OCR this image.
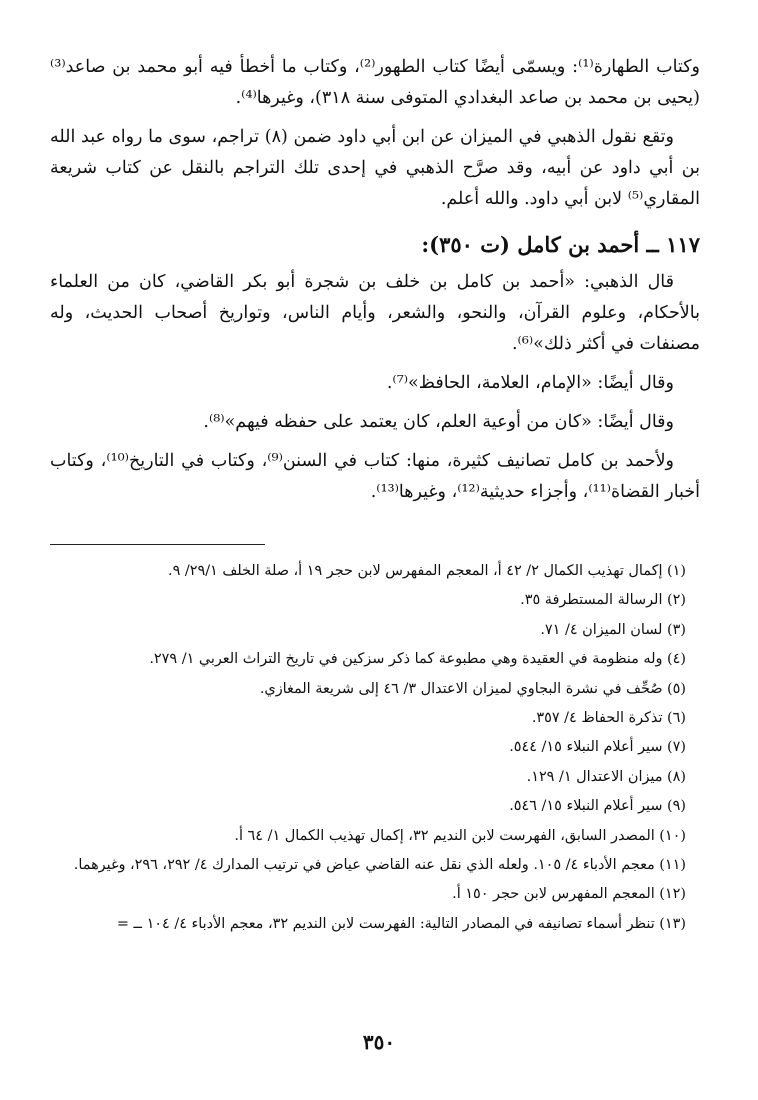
وكتاب الطهارة⁽¹⁾: ويسمّى أيضًا كتاب الطهور⁽²⁾، وكتاب ما أخطأ فيه أبو محمد بن صاعد⁽³⁾ (يحيى بن محمد بن صاعد البغدادي المتوفى سنة ٣١٨)، وغيرها⁽⁴⁾.

وتقع نقول الذهبي في الميزان عن ابن أبي داود ضمن (٨) تراجم، سوى ما رواه عبد الله بن أبي داود عن أبيه، وقد صرَّح الذهبي في إحدى تلك التراجم بالنقل عن كتاب شريعة المقاري⁽⁵⁾ لابن أبي داود. والله أعلم.

١١٧ ــ أحمد بن كامل (ت ٣٥٠):

قال الذهبي: «أحمد بن كامل بن خلف بن شجرة أبو بكر القاضي، كان من العلماء بالأحكام، وعلوم القرآن، والنحو، والشعر، وأيام الناس، وتواريخ أصحاب الحديث، وله مصنفات في أكثر ذلك»⁽⁶⁾.

وقال أيضًا: «الإمام، العلامة، الحافظ»⁽⁷⁾.

وقال أيضًا: «كان من أوعية العلم، كان يعتمد على حفظه فيهم»⁽⁸⁾.

ولأحمد بن كامل تصانيف كثيرة، منها: كتاب في السنن⁽⁹⁾، وكتاب في التاريخ⁽¹⁰⁾، وكتاب أخبار القضاة⁽¹¹⁾، وأجزاء حديثية⁽¹²⁾، وغيرها⁽¹³⁾.

(١) إكمال تهذيب الكمال ٢/ ٤٢ أ، المعجم المفهرس لابن حجر ١٩ أ، صلة الخلف ٢٩/١/ ٩.

(٢) الرسالة المستطرفة ٣٥.

(٣) لسان الميزان ٤/ ٧١.

(٤) وله منظومة في العقيدة وهي مطبوعة كما ذكر سزكين في تاريخ التراث العربي ١/ ٢٧٩.

(٥) صُحِّف في نشرة البجاوي لميزان الاعتدال ٣/ ٤٦ إلى شريعة المغازي.

(٦) تذكرة الحفاظ ٤/ ٣٥٧.

(٧) سير أعلام النبلاء ١٥/ ٥٤٤.

(٨) ميزان الاعتدال ١/ ١٢٩.

(٩) سير أعلام النبلاء ١٥/ ٥٤٦.

(١٠) المصدر السابق، الفهرست لابن النديم ٣٢، إكمال تهذيب الكمال ١/ ٦٤ أ.

(١١) معجم الأدباء ٤/ ١٠٥. ولعله الذي نقل عنه القاضي عياض في ترتيب المدارك ٤/ ٢٩٢، ٢٩٦، وغيرهما.

(١٢) المعجم المفهرس لابن حجر ١٥٠ أ.

(١٣) تنظر أسماء تصانيفه في المصادر التالية: الفهرست لابن النديم ٣٢، معجم الأدباء ٤/ ١٠٤ ــ =

٣٥٠
